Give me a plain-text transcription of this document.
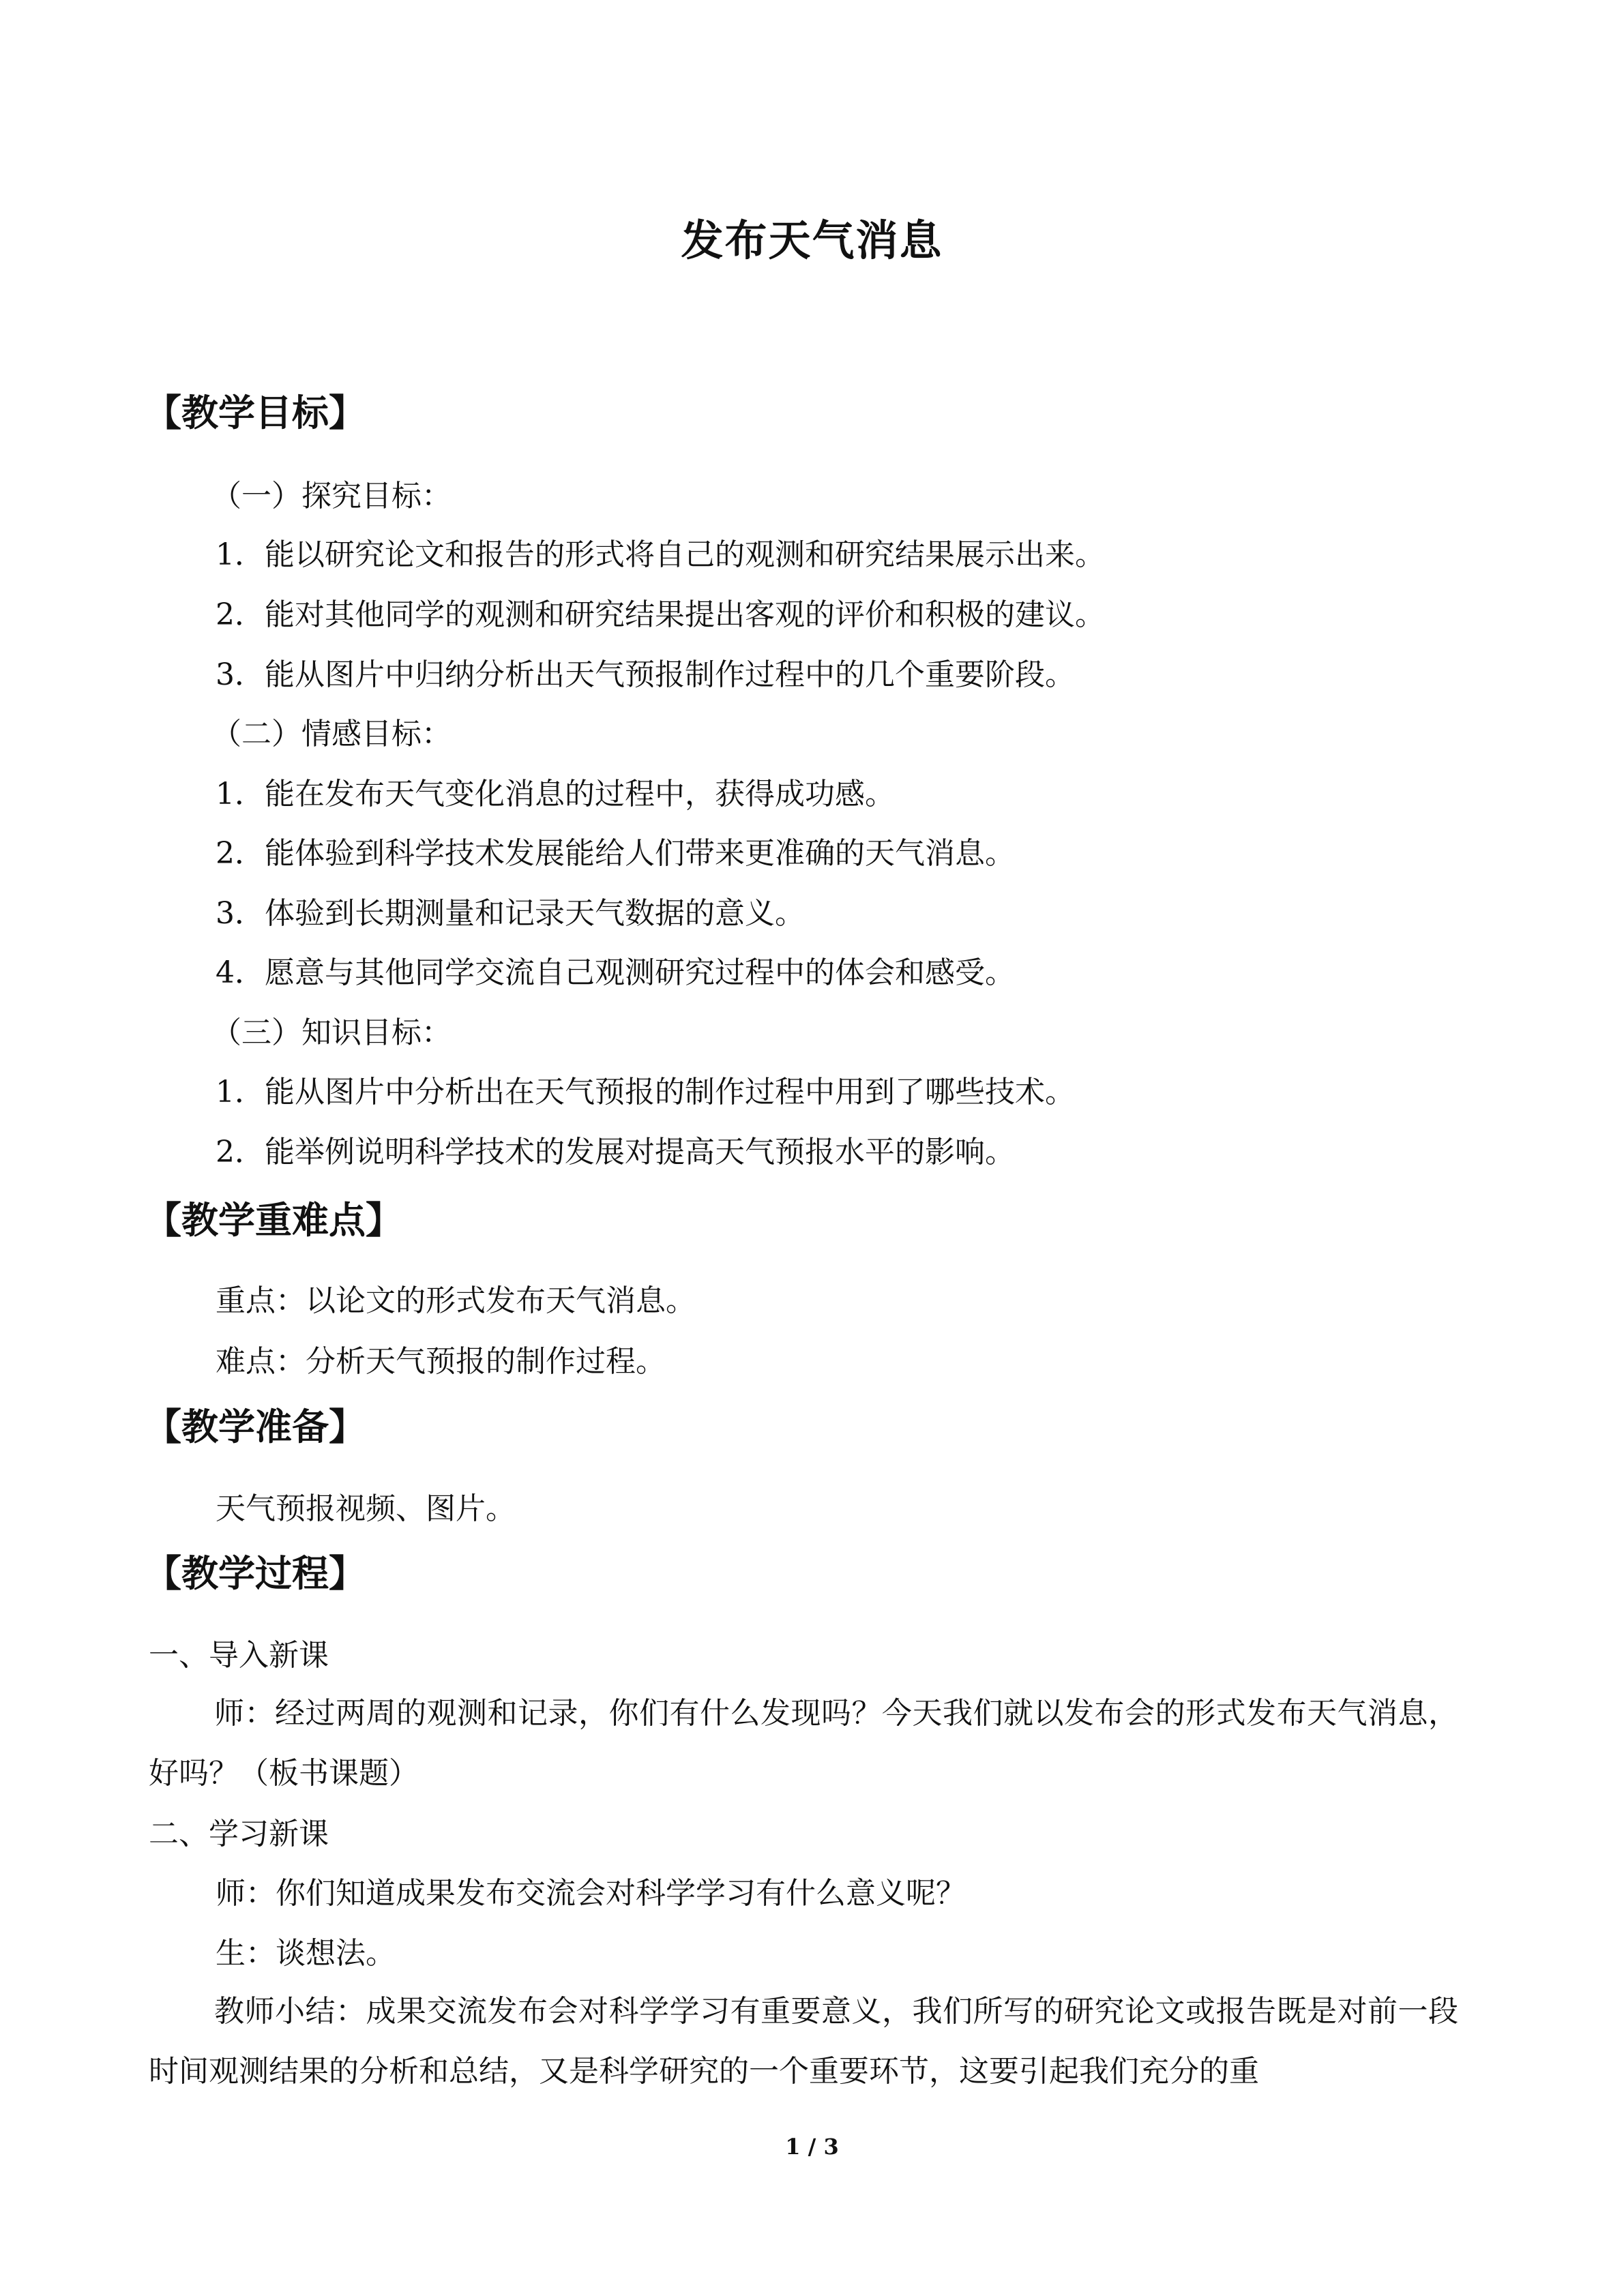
发布天气消息
【教学目标】
（一）探究目标：
1．能以研究论文和报告的形式将自己的观测和研究结果展示出来。
2．能对其他同学的观测和研究结果提出客观的评价和积极的建议。
3．能从图片中归纳分析出天气预报制作过程中的几个重要阶段。
（二）情感目标：
1．能在发布天气变化消息的过程中，获得成功感。
2．能体验到科学技术发展能给人们带来更准确的天气消息。
3．体验到长期测量和记录天气数据的意义。
4．愿意与其他同学交流自己观测研究过程中的体会和感受。
（三）知识目标：
1．能从图片中分析出在天气预报的制作过程中用到了哪些技术。
2．能举例说明科学技术的发展对提高天气预报水平的影响。
【教学重难点】
重点：以论文的形式发布天气消息。
难点：分析天气预报的制作过程。
【教学准备】
天气预报视频、图片。
【教学过程】
一、导入新课
师：经过两周的观测和记录，你们有什么发现吗？今天我们就以发布会的形式发布天气消息，好吗？（板书课题）
二、学习新课
师：你们知道成果发布交流会对科学学习有什么意义呢？
生：谈想法。
教师小结：成果交流发布会对科学学习有重要意义，我们所写的研究论文或报告既是对前一段时间观测结果的分析和总结，又是科学研究的一个重要环节，这要引起我们充分的重
1 / 3
